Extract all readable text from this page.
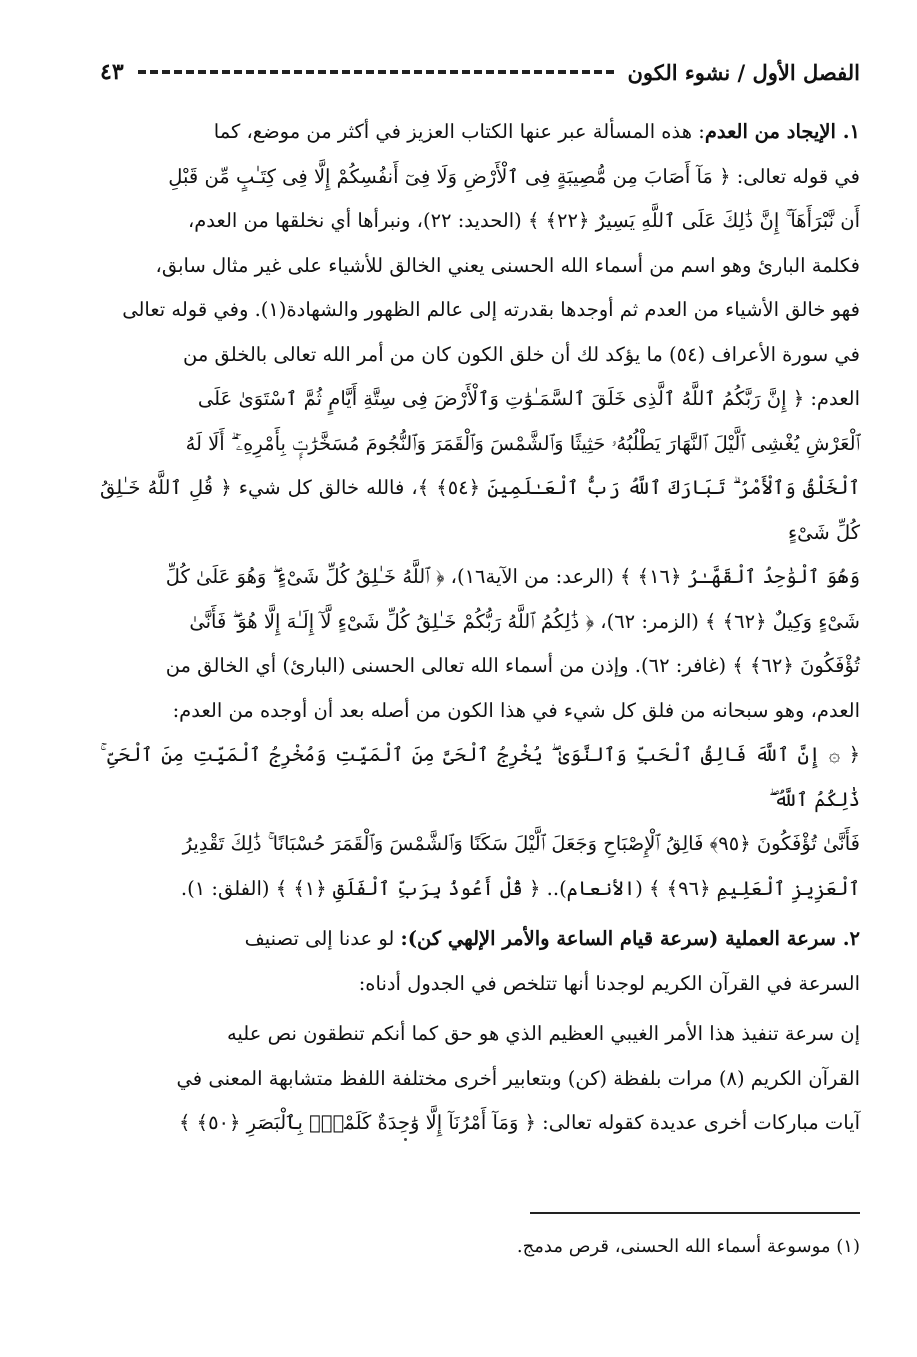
الفصل الأول / نشوء الكون
٤٣

١. الإيجاد من العدم: هذه المسألة عبر عنها الكتاب العزيز في أكثر من موضع، كما
في قوله تعالى: ﴿ مَآ أَصَابَ مِن مُّصِيبَةٍ فِى ٱلْأَرْضِ وَلَا فِىٓ أَنفُسِكُمْ إِلَّا فِى كِتَـٰبٍ مِّن قَبْلِ
أَن نَّبْرَأَهَآ ۚ إِنَّ ذَٰلِكَ عَلَى ٱللَّهِ يَسِيرٌ ﴿٢٢﴾ ﴾ (الحديد: ٢٢)، ونبرأها أي نخلقها من العدم،
فكلمة البارئ وهو اسم من أسماء الله الحسنى يعني الخالق للأشياء على غير مثال سابق،
فهو خالق الأشياء من العدم ثم أوجدها بقدرته إلى عالم الظهور والشهادة(١). وفي قوله تعالى
في سورة الأعراف (٥٤) ما يؤكد لك أن خلق الكون كان من أمر الله تعالى بالخلق من
العدم: ﴿ إِنَّ رَبَّكُمُ ٱللَّهُ ٱلَّذِى خَلَقَ ٱلسَّمَـٰوَٰتِ وَٱلْأَرْضَ فِى سِتَّةِ أَيَّامٍ ثُمَّ ٱسْتَوَىٰ عَلَى
ٱلْعَرْشِ يُغْشِى ٱلَّيْلَ ٱلنَّهَارَ يَطْلُبُهُۥ حَثِيثًا وَٱلشَّمْسَ وَٱلْقَمَرَ وَٱلنُّجُومَ مُسَخَّرَٰتٍۭ بِأَمْرِهِۦٓ ۗ أَلَا لَهُ
ٱلْخَلْقُ وَٱلْأَمْرُ ۗ تَبَارَكَ ٱللَّهُ رَبُّ ٱلْعَـٰلَمِينَ ﴿٥٤﴾ ﴾، فالله خالق كل شيء ﴿ قُلِ ٱللَّهُ خَـٰلِقُ كُلِّ شَىْءٍ
وَهُوَ ٱلْوَٰحِدُ ٱلْقَهَّـٰرُ ﴿١٦﴾ ﴾ (الرعد: من الآية١٦)، ﴿ ٱللَّهُ خَـٰلِقُ كُلِّ شَىْءٍ ۖ وَهُوَ عَلَىٰ كُلِّ
شَىْءٍ وَكِيلٌ ﴿٦٢﴾ ﴾ (الزمر: ٦٢)، ﴿ ذَٰلِكُمُ ٱللَّهُ رَبُّكُمْ خَـٰلِقُ كُلِّ شَىْءٍ لَّآ إِلَـٰهَ إِلَّا هُوَ ۖ فَأَنَّىٰ
تُؤْفَكُونَ ﴿٦٢﴾ ﴾ (غافر: ٦٢). وإذن من أسماء الله تعالى الحسنى (البارئ) أي الخالق من
العدم، وهو سبحانه من فلق كل شيء في هذا الكون من أصله بعد أن أوجده من العدم:
﴿ ۞ إِنَّ ٱللَّهَ فَالِقُ ٱلْحَبِّ وَٱلنَّوَىٰ ۖ يُخْرِجُ ٱلْحَىَّ مِنَ ٱلْمَيِّتِ وَمُخْرِجُ ٱلْمَيِّتِ مِنَ ٱلْحَىِّ ۚ ذَٰلِكُمُ ٱللَّهُ ۖ
فَأَنَّىٰ تُؤْفَكُونَ ﴿٩٥﴾ فَالِقُ ٱلْإِصْبَاحِ وَجَعَلَ ٱلَّيْلَ سَكَنًا وَٱلشَّمْسَ وَٱلْقَمَرَ حُسْبَانًا ۚ ذَٰلِكَ تَقْدِيرُ
ٱلْعَزِيزِ ٱلْعَلِيمِ ﴿٩٦﴾ ﴾ (الأنعام).. ﴿ قُلْ أَعُوذُ بِرَبِّ ٱلْفَلَقِ ﴿١﴾ ﴾ (الفلق: ١).

٢. سرعة العملية (سرعة قيام الساعة والأمر الإلهي كن): لو عدنا إلى تصنيف
السرعة في القرآن الكريم لوجدنا أنها تتلخص في الجدول أدناه:

إن سرعة تنفيذ هذا الأمر الغيبي العظيم الذي هو حق كما أنكم تنطقون نص عليه
القرآن الكريم (٨) مرات بلفظة (كن) وبتعابير أخرى مختلفة اللفظ متشابهة المعنى في
آيات مباركات أخرى عديدة كقوله تعالى: ﴿ وَمَآ أَمْرُنَآ إِلَّا وَٰحِدَةٌ كَلَمْحٍۭ بِٱلْبَصَرِ ﴿٥٠﴾ ﴾

(١) موسوعة أسماء الله الحسنى، قرص مدمج.
